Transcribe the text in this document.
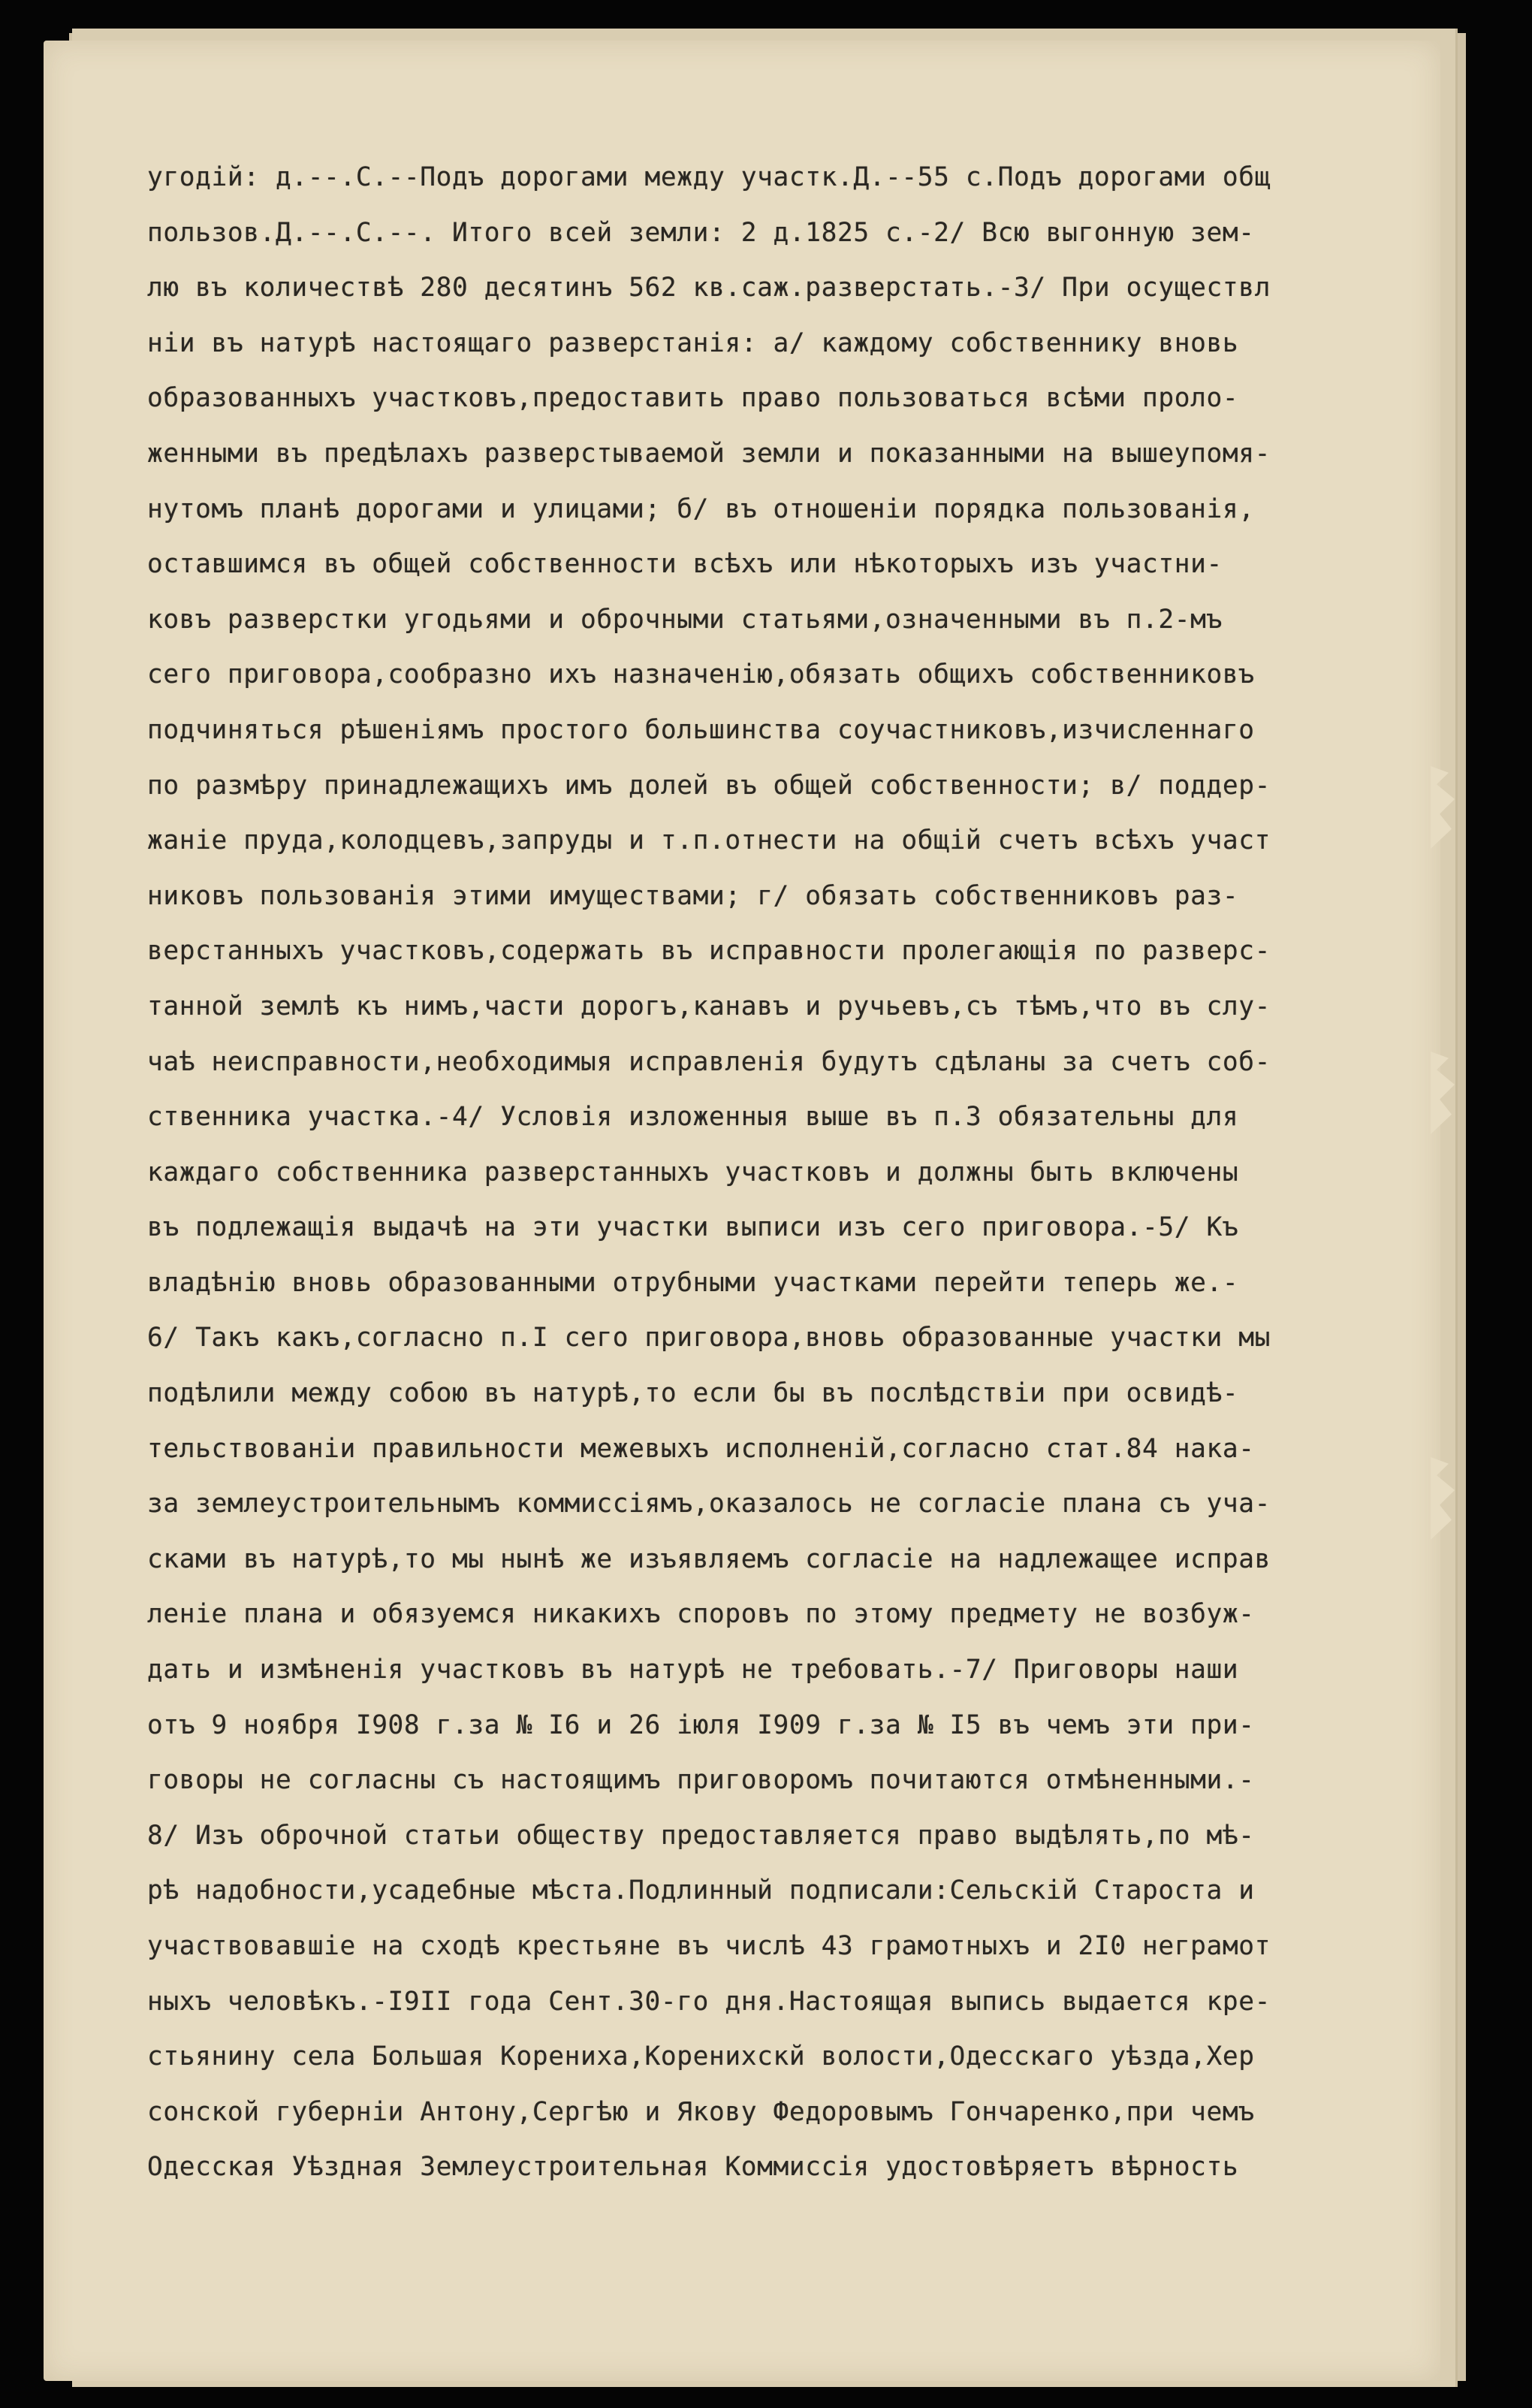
угодій: д.--.С.--Подъ дорогами между участк.Д.--55 с.Подъ дорогами общ
пользов.Д.--.С.--. Итого всей земли: 2 д.1825 с.-2/ Всю выгонную зем-
лю въ количествѣ 280 десятинъ 562 кв.саж.разверстать.-3/ При осуществл
ніи въ натурѣ настоящаго разверстанія: а/ каждому собственнику вновь
образованныхъ участковъ,предоставить право пользоваться всѣми проло-
женными въ предѣлахъ разверстываемой земли и показанными на вышеупомя-
нутомъ планѣ дорогами и улицами; б/ въ отношеніи порядка пользованія,
оставшимся въ общей собственности всѣхъ или нѣкоторыхъ изъ участни-
ковъ разверстки угодьями и оброчными статьями,означенными въ п.2-мъ
сего приговора,сообразно ихъ назначенію,обязать общихъ собственниковъ
подчиняться рѣшеніямъ простого большинства соучастниковъ,изчисленнаго
по размѣру принадлежащихъ имъ долей въ общей собственности; в/ поддер-
жаніе пруда,колодцевъ,запруды и т.п.отнести на общій счетъ всѣхъ участ
никовъ пользованія этими имуществами; г/ обязать собственниковъ раз-
верстанныхъ участковъ,содержать въ исправности пролегающія по разверс-
танной землѣ къ нимъ,части дорогъ,канавъ и ручьевъ,съ тѣмъ,что въ слу-
чаѣ неисправности,необходимыя исправленія будутъ сдѣланы за счетъ соб-
ственника участка.-4/ Условія изложенныя выше въ п.3 обязательны для
каждаго собственника разверстанныхъ участковъ и должны быть включены
въ подлежащія выдачѣ на эти участки выписи изъ сего приговора.-5/ Къ
владѣнію вновь образованными отрубными участками перейти теперь же.-
6/ Такъ какъ,согласно п.I сего приговора,вновь образованные участки мы
подѣлили между собою въ натурѣ,то если бы въ послѣдствіи при освидѣ-
тельствованіи правильности межевыхъ исполненій,согласно стат.84 нака-
за землеустроительнымъ коммиссіямъ,оказалось не согласіе плана съ уча-
сками въ натурѣ,то мы нынѣ же изъявляемъ согласіе на надлежащее исправ
леніе плана и обязуемся никакихъ споровъ по этому предмету не возбуж-
дать и измѣненія участковъ въ натурѣ не требовать.-7/ Приговоры наши
отъ 9 ноября I908 г.за № I6 и 26 іюля I909 г.за № I5 въ чемъ эти при-
говоры не согласны съ настоящимъ приговоромъ почитаются отмѣненными.-
8/ Изъ оброчной статьи обществу предоставляется право выдѣлять,по мѣ-
рѣ надобности,усадебные мѣста.Подлинный подписали:Сельскій Староста и
участвовавшіе на сходѣ крестьяне въ числѣ 43 грамотныхъ и 2I0 неграмот
ныхъ человѣкъ.-I9II года Сент.30-го дня.Настоящая выпись выдается кре-
стьянину села Большая Корениха,Коренихскй волости,Одесскаго уѣзда,Хер
сонской губерніи Антону,Сергѣю и Якову Федоровымъ Гончаренко,при чемъ
Одесская Уѣздная Землеустроительная Коммиссія удостовѣряетъ вѣрность
